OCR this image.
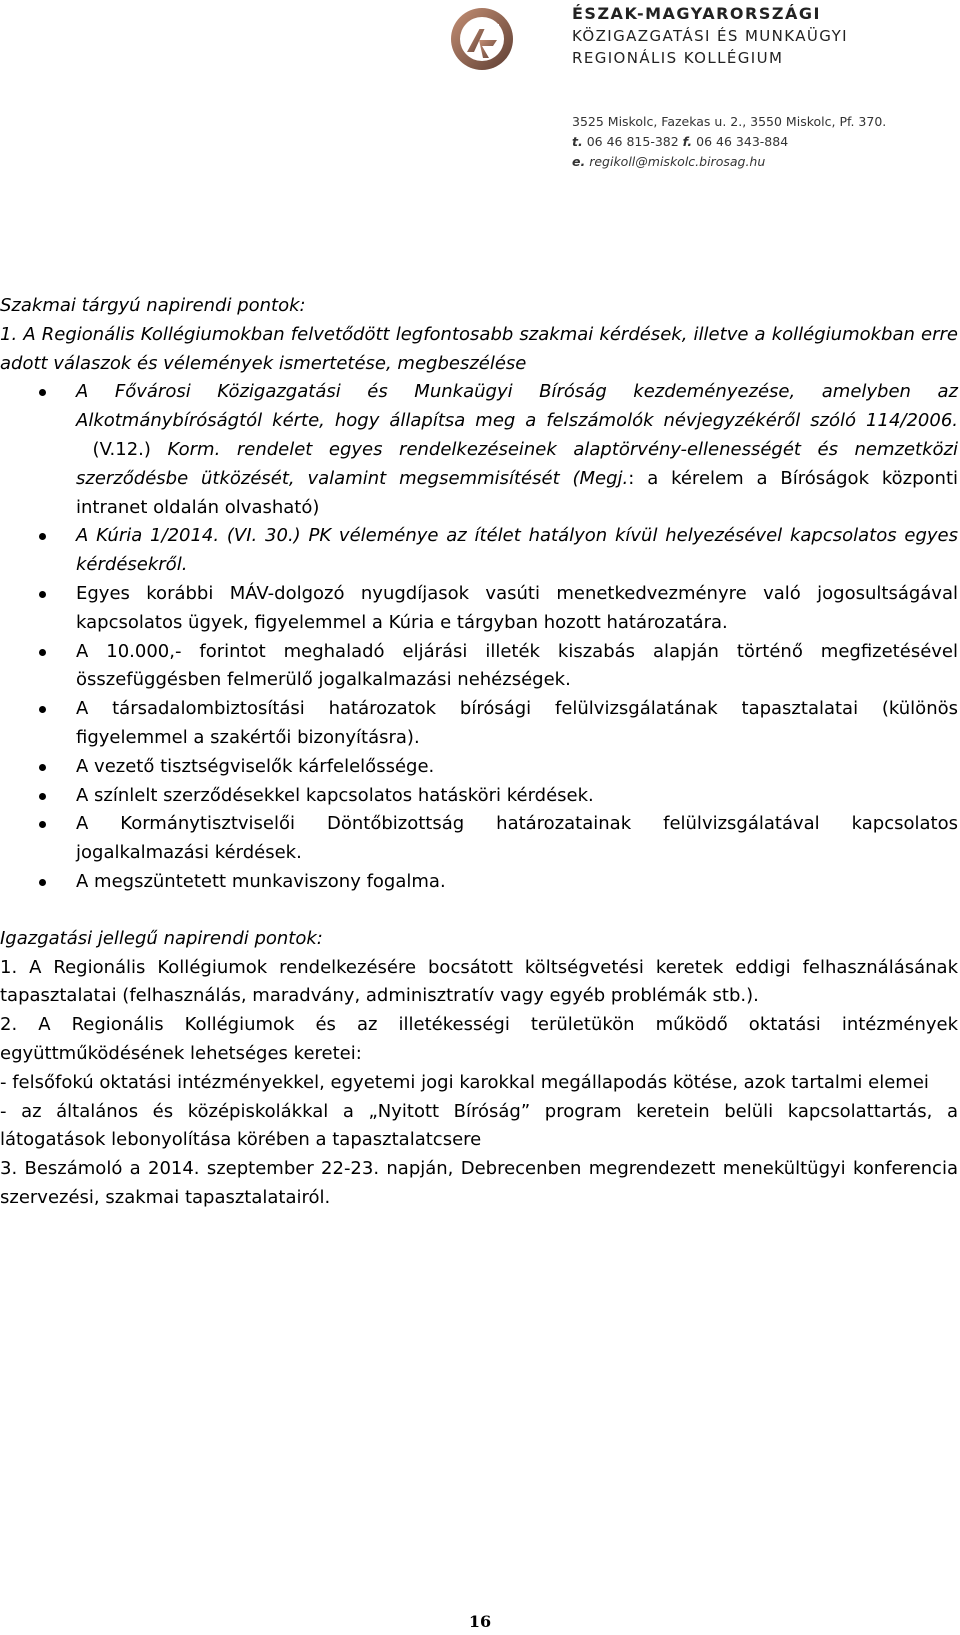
ÉSZAK-MAGYARORSZÁGI
KÖZIGAZGATÁSI ÉS MUNKAÜGYI
REGIONÁLIS KOLLÉGIUM
3525 Miskolc, Fazekas u. 2., 3550 Miskolc, Pf. 370.
t. 06 46 815-382 f. 06 46 343-884
e. regikoll@miskolc.birosag.hu

Szakmai tárgyú napirendi pontok:

1. A Regionális Kollégiumokban felvetődött legfontosabb szakmai kérdések, illetve a kollégiumokban erre adott válaszok és vélemények ismertetése, megbeszélése

A Fővárosi Közigazgatási és Munkaügyi Bíróság kezdeményezése, amelyben az Alkotmánybíróságtól kérte, hogy állapítsa meg a felszámolók névjegyzékéről szóló 114/2006. (V.12.) Korm. rendelet egyes rendelkezéseinek alaptörvény-ellenességét és nemzetközi szerződésbe ütközését, valamint megsemmisítését (Megj.: a kérelem a Bíróságok központi intranet oldalán olvasható)
A Kúria 1/2014. (VI. 30.) PK véleménye az ítélet hatályon kívül helyezésével kapcsolatos egyes kérdésekről.
Egyes korábbi MÁV-dolgozó nyugdíjasok vasúti menetkedvezményre való jogosultságával kapcsolatos ügyek, figyelemmel a Kúria e tárgyban hozott határozatára.
A 10.000,- forintot meghaladó eljárási illeték kiszabás alapján történő megfizetésével összefüggésben felmerülő jogalkalmazási nehézségek.
A társadalombiztosítási határozatok bírósági felülvizsgálatának tapasztalatai (különös figyelemmel a szakértői bizonyításra).
A vezető tisztségviselők kárfelelőssége.
A színlelt szerződésekkel kapcsolatos hatásköri kérdések.
A Kormánytisztviselői Döntőbizottság határozatainak felülvizsgálatával kapcsolatos jogalkalmazási kérdések.
A megszüntetett munkaviszony fogalma.

Igazgatási jellegű napirendi pontok:

1. A Regionális Kollégiumok rendelkezésére bocsátott költségvetési keretek eddigi felhasználásának tapasztalatai (felhasználás, maradvány, adminisztratív vagy egyéb problémák stb.).

2. A Regionális Kollégiumok és az illetékességi területükön működő oktatási intézmények együttműködésének lehetséges keretei:

- felsőfokú oktatási intézményekkel, egyetemi jogi karokkal megállapodás kötése, azok tartalmi elemei

- az általános és középiskolákkal a „Nyitott Bíróság” program keretein belüli kapcsolattartás, a látogatások lebonyolítása körében a tapasztalatcsere

3. Beszámoló a 2014. szeptember 22-23. napján, Debrecenben megrendezett menekültügyi konferencia szervezési, szakmai tapasztalatairól.

16
